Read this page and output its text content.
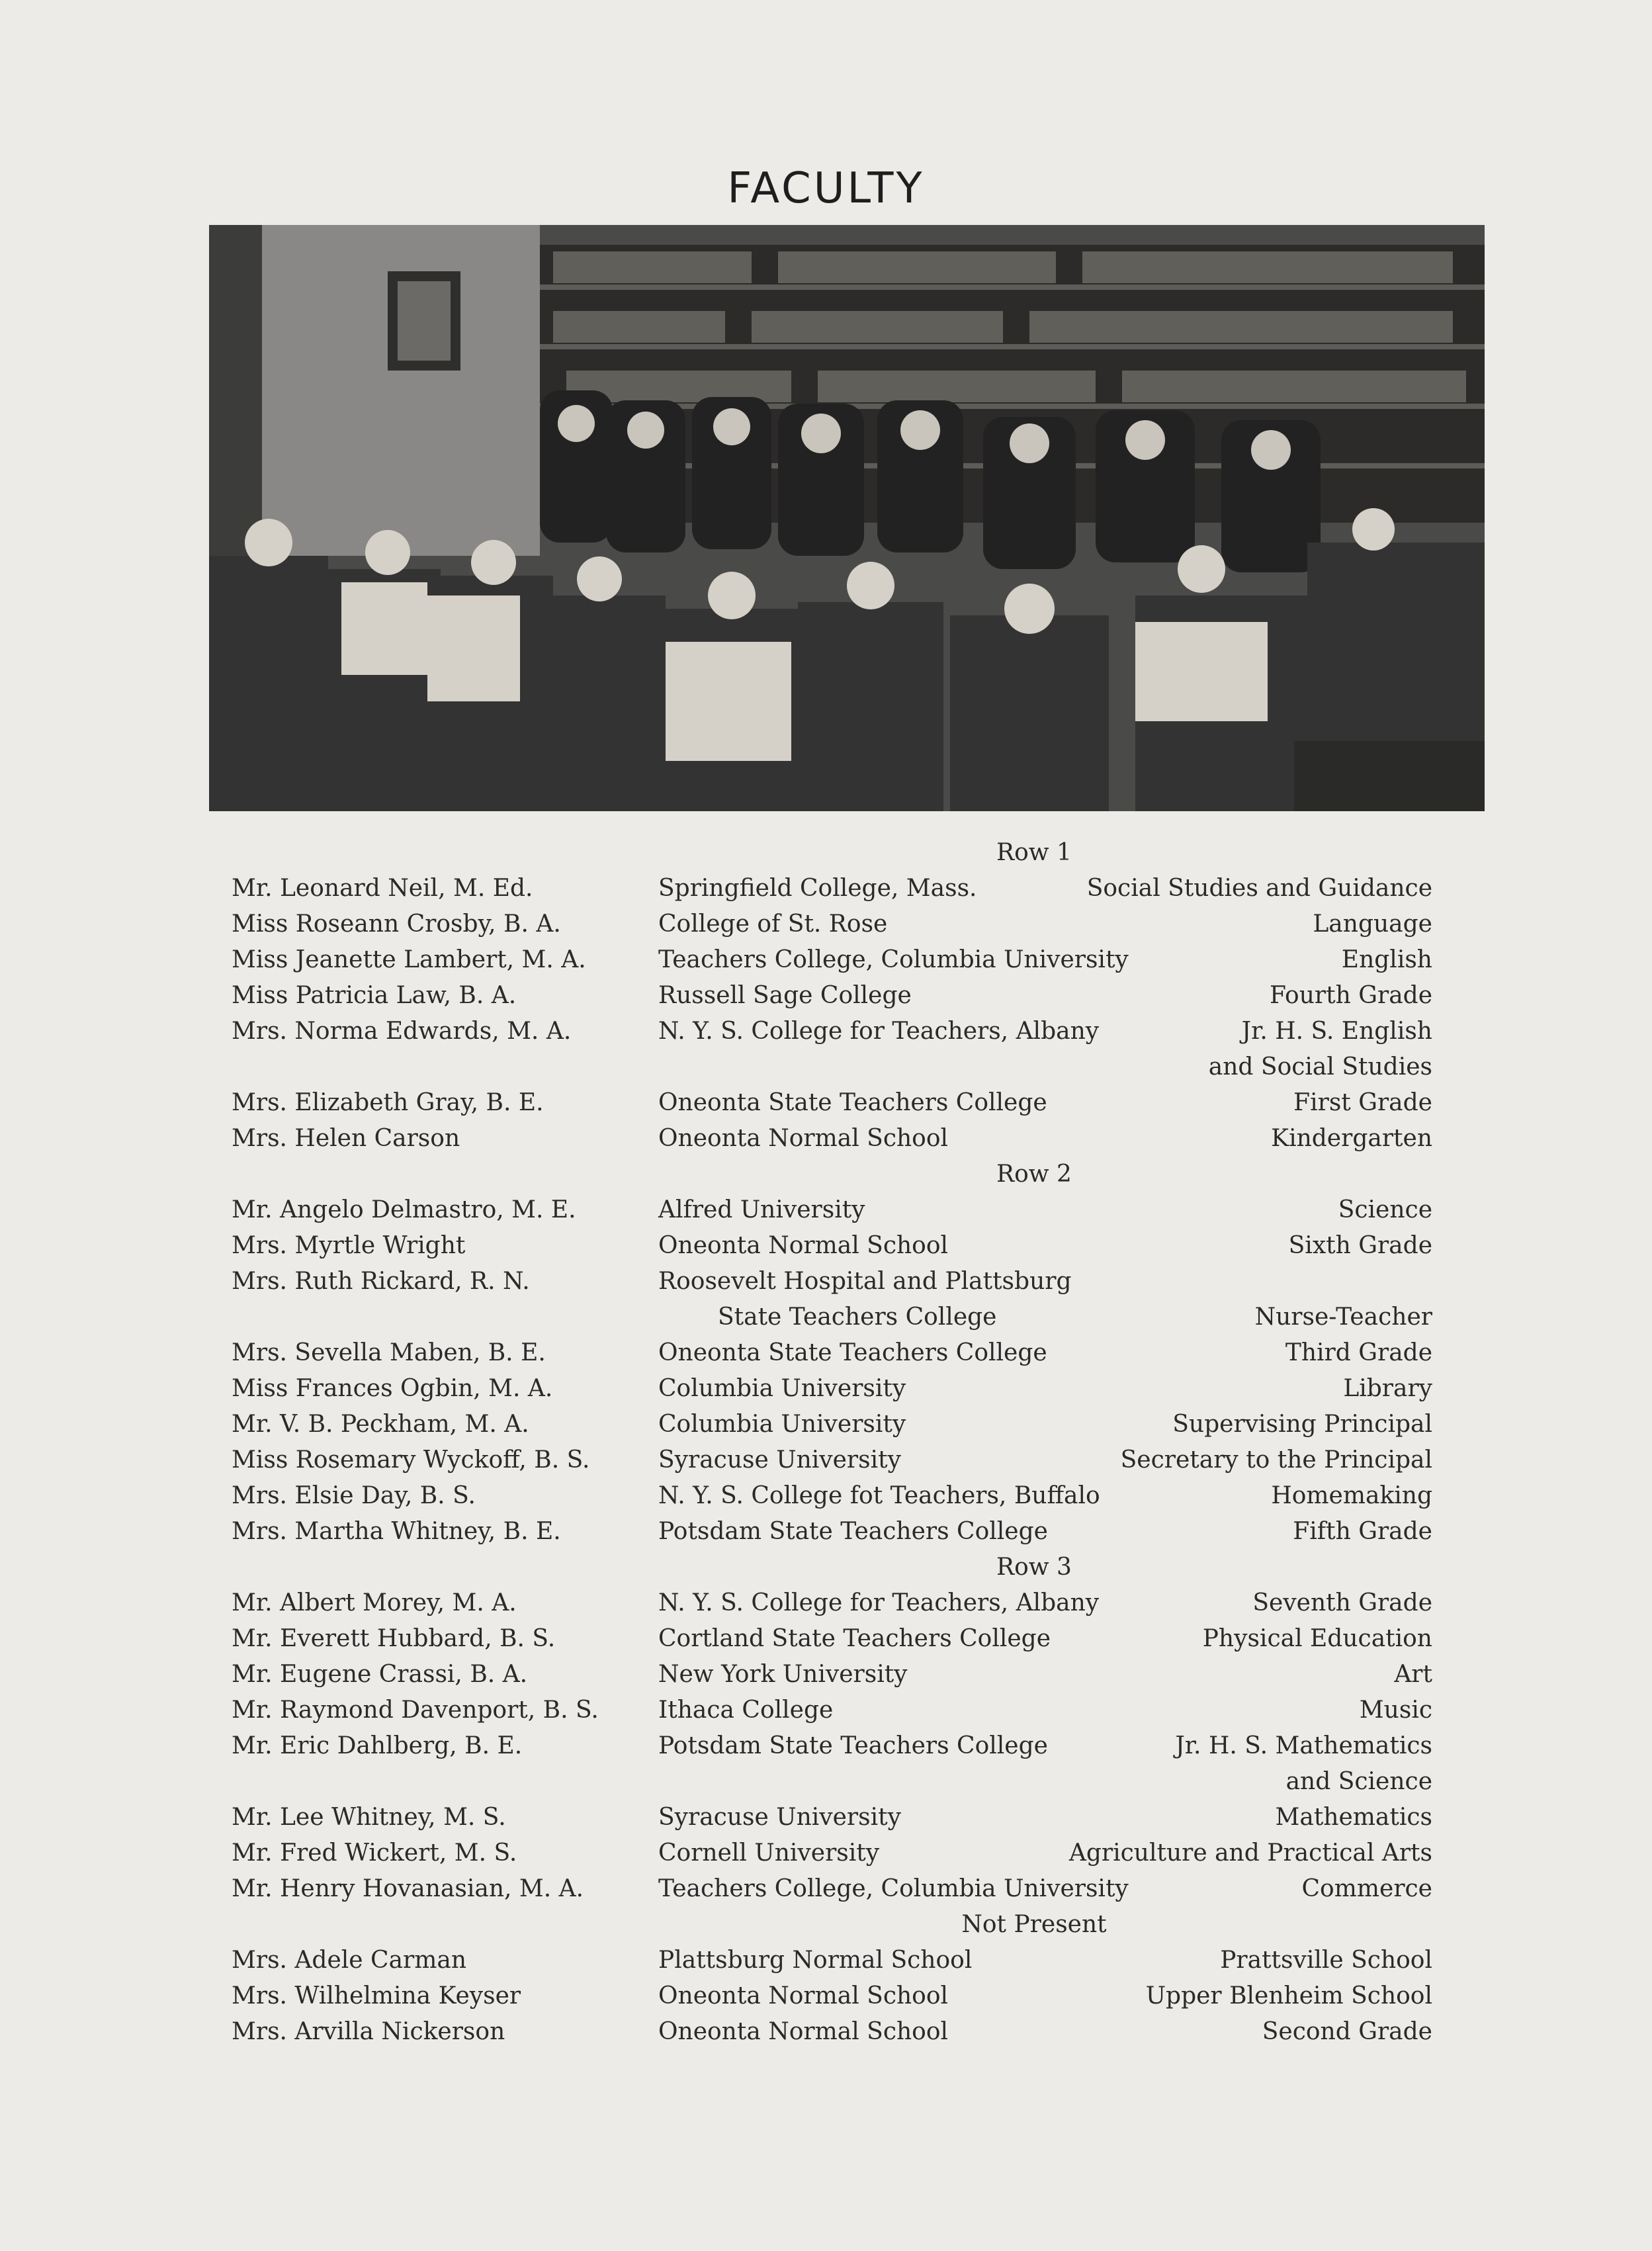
FACULTY
Row 1
Mr. Leonard Neil, M. Ed.	Springfield College, Mass.	Social Studies and Guidance
Miss Roseann Crosby, B. A.	College of St. Rose	Language
Miss Jeanette Lambert, M. A.	Teachers College, Columbia University	English
Miss Patricia Law, B. A.	Russell Sage College	Fourth Grade
Mrs. Norma Edwards, M. A.	N. Y. S. College for Teachers, Albany	Jr. H. S. English
and Social Studies
Mrs. Elizabeth Gray, B. E.	Oneonta State Teachers College	First Grade
Mrs. Helen Carson	Oneonta Normal School	Kindergarten
Row 2
Mr. Angelo Delmastro, M. E.	Alfred University	Science
Mrs. Myrtle Wright	Oneonta Normal School	Sixth Grade
Mrs. Ruth Rickard, R. N.	Roosevelt Hospital and Plattsburg
State Teachers College
	Nurse-Teacher
Mrs. Sevella Maben, B. E.	Oneonta State Teachers College	Third Grade
Miss Frances Ogbin, M. A.	Columbia University	Library
Mr. V. B. Peckham, M. A.	Columbia University	Supervising Principal
Miss Rosemary Wyckoff, B. S.	Syracuse University	Secretary to the Principal
Mrs. Elsie Day, B. S.	N. Y. S. College fot Teachers, Buffalo	Homemaking
Mrs. Martha Whitney, B. E.	Potsdam State Teachers College	Fifth Grade
Row 3
Mr. Albert Morey, M. A.	N. Y. S. College for Teachers, Albany	Seventh Grade
Mr. Everett Hubbard, B. S.	Cortland State Teachers College	Physical Education
Mr. Eugene Crassi, B. A.	New York University	Art
Mr. Raymond Davenport, B. S.	Ithaca College	Music
Mr. Eric Dahlberg, B. E.	Potsdam State Teachers College	Jr. H. S. Mathematics
and Science
Mr. Lee Whitney, M. S.	Syracuse University	Mathematics
Mr. Fred Wickert, M. S.	Cornell University	Agriculture and Practical Arts
Mr. Henry Hovanasian, M. A.	Teachers College, Columbia University	Commerce
Not Present
Mrs. Adele Carman	Plattsburg Normal School	Prattsville School
Mrs. Wilhelmina Keyser	Oneonta Normal School	Upper Blenheim School
Mrs. Arvilla Nickerson	Oneonta Normal School	Second Grade
